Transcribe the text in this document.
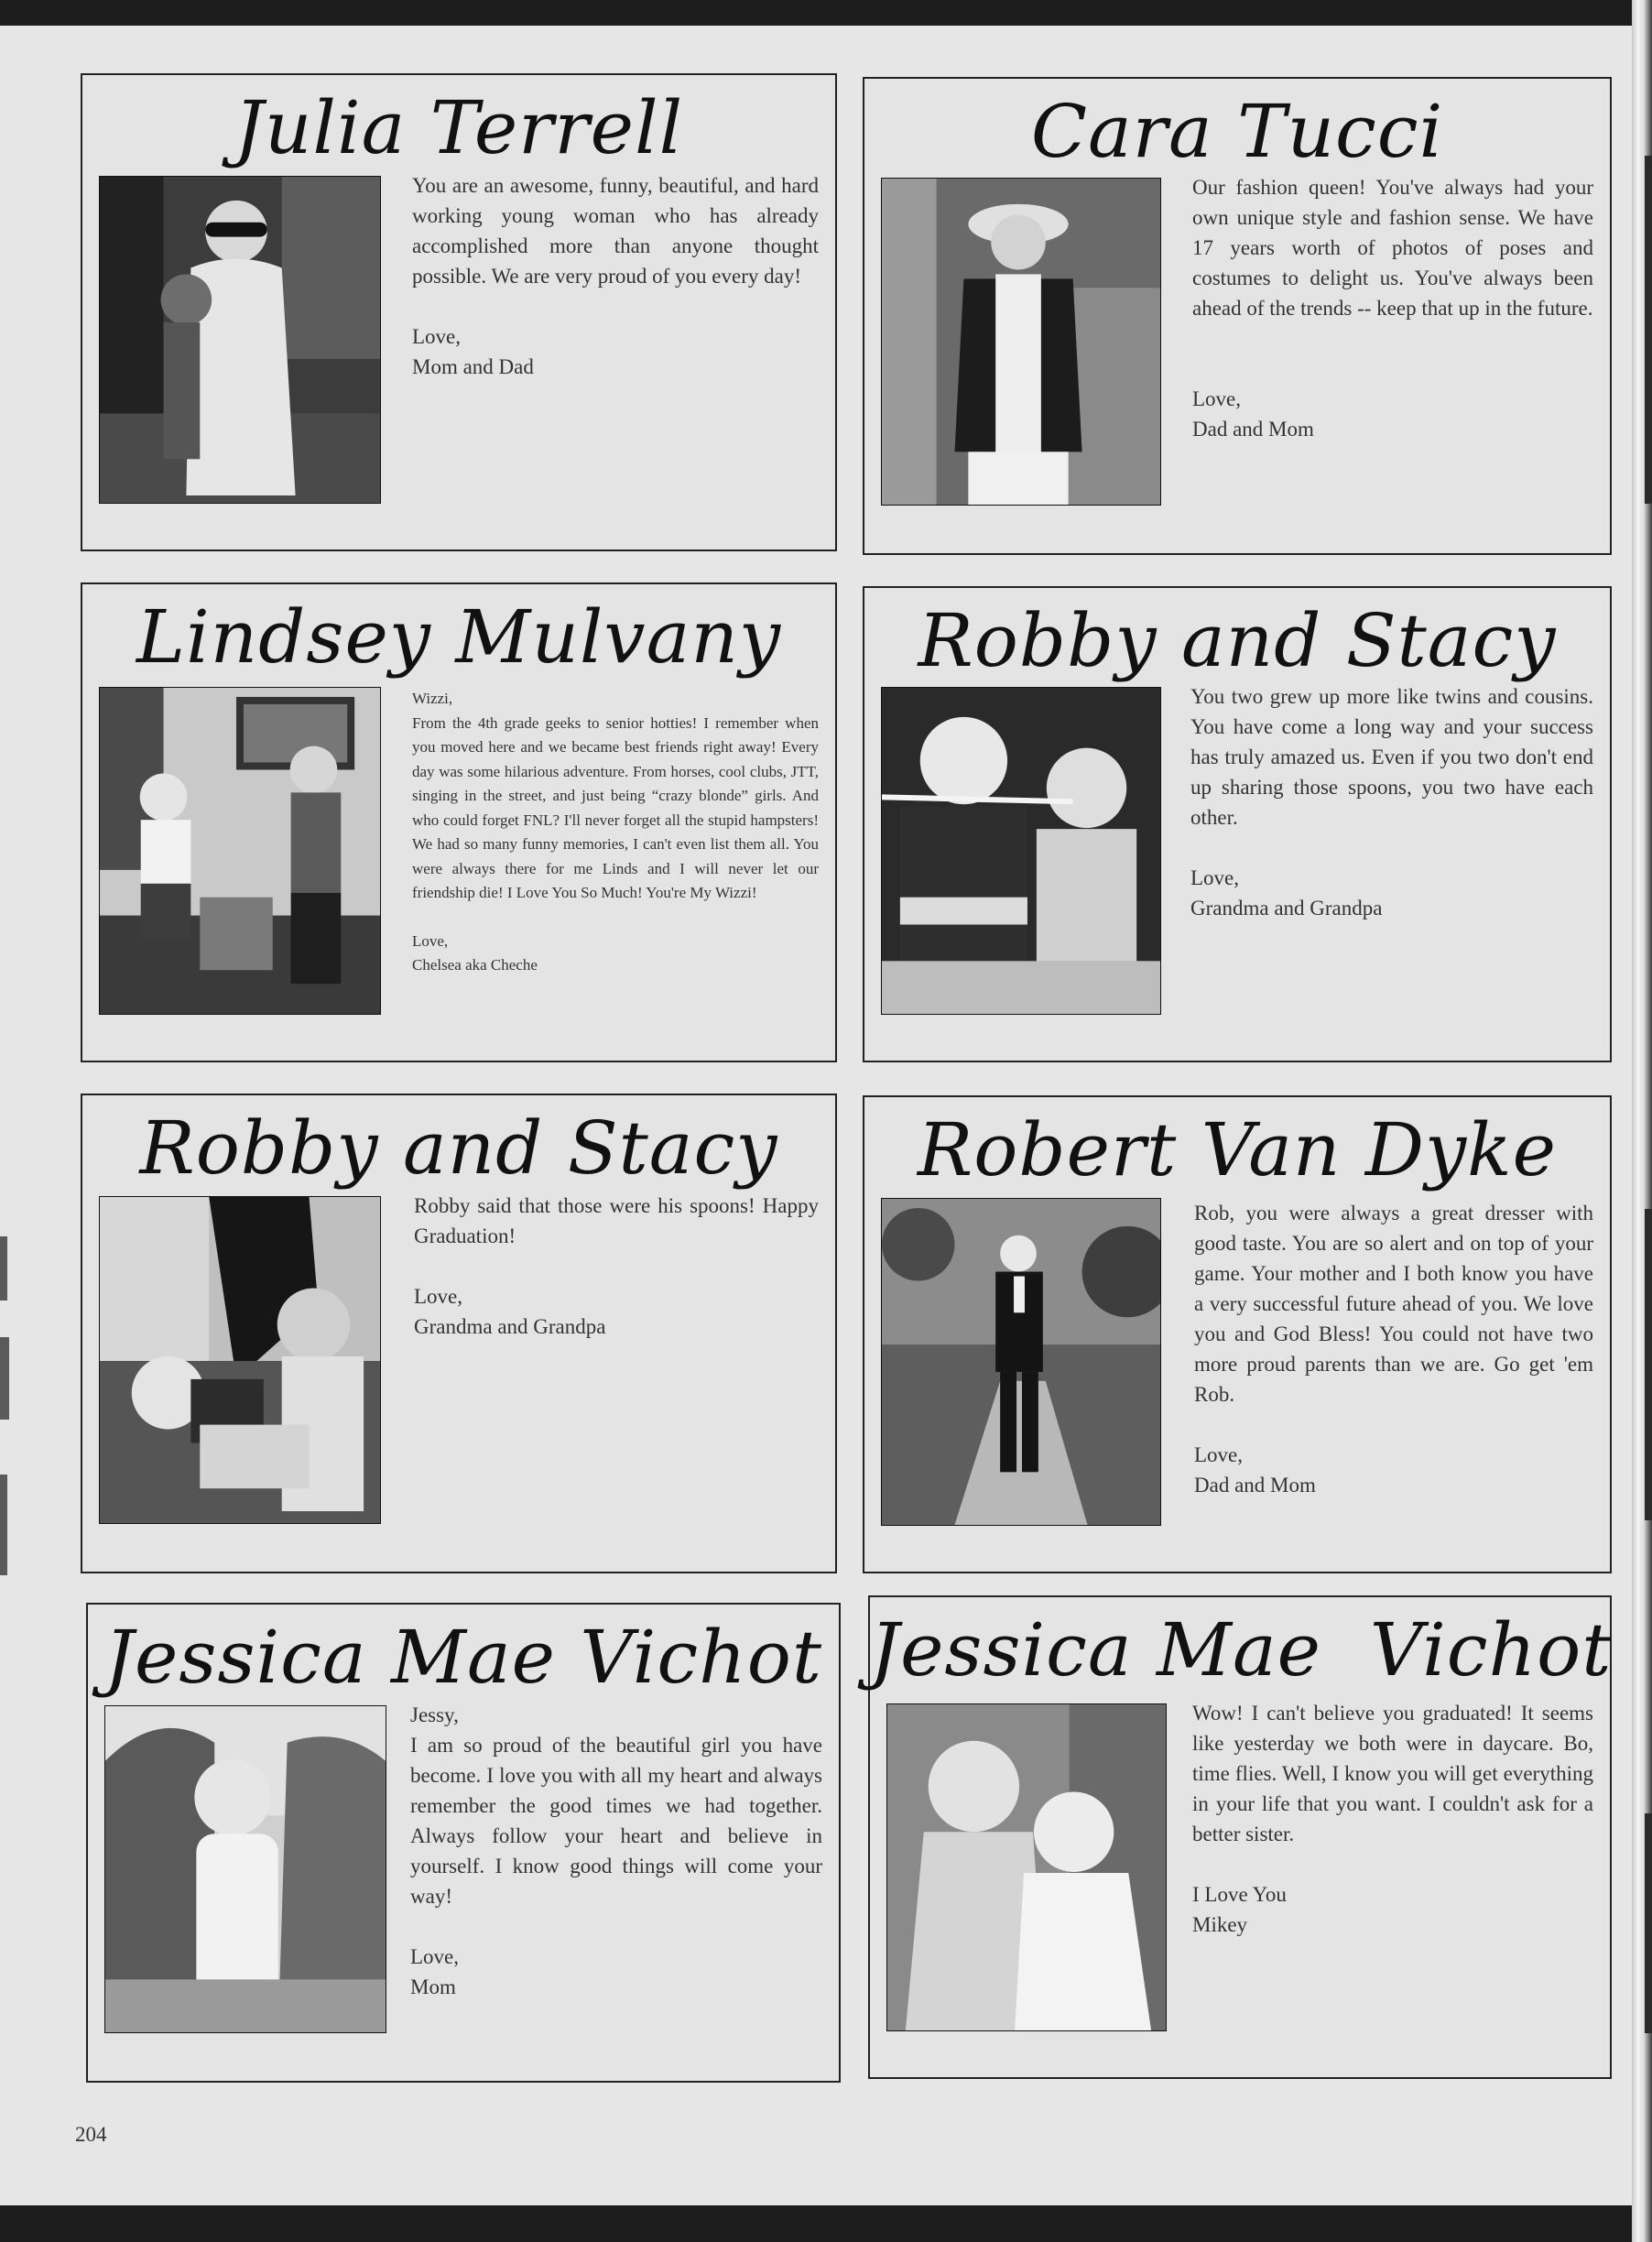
Julia Terrell

You are an awesome, funny, beautiful, and hard working young woman who has already accomplished more than anyone thought possible. We are very proud of you every day!

Love,

Mom and Dad

Cara Tucci

Our fashion queen! You've always had your own unique style and fashion sense. We have 17 years worth of photos of poses and costumes to delight us. You've always been ahead of the trends -- keep that up in the future.

Love,

Dad and Mom

Lindsey Mulvany

Wizzi,

From the 4th grade geeks to senior hotties! I remember when you moved here and we became best friends right away! Every day was some hilarious adventure. From horses, cool clubs, JTT, singing in the street, and just being “crazy blonde” girls. And who could forget FNL? I'll never forget all the stupid hampsters! We had so many funny memories, I can't even list them all. You were always there for me Linds and I will never let our friendship die! I Love You So Much! You're My Wizzi!

Love,

Chelsea aka Cheche

Robby and Stacy

You two grew up more like twins and cousins. You have come a long way and your success has truly amazed us. Even if you two don't end up sharing those spoons, you two have each other.

Love,

Grandma and Grandpa

Robby and Stacy

Robby said that those were his spoons! Happy Graduation!

Love,

Grandma and Grandpa

Robert Van Dyke

Rob, you were always a great dresser with good taste. You are so alert and on top of your game. Your mother and I both know you have a very successful future ahead of you. We love you and God Bless! You could not have two more proud parents than we are. Go get 'em Rob.

Love,

Dad and Mom

Jessica Mae Vichot

Jessy,

I am so proud of the beautiful girl you have become. I love you with all my heart and always remember the good times we had together. Always follow your heart and believe in yourself. I know good things will come your way!

Love,

Mom

Jessica Mae  Vichot

Wow! I can't believe you graduated! It seems like yesterday we both were in daycare. Bo, time flies. Well, I know you will get everything in your life that you want. I couldn't ask for a better sister.

I Love You

Mikey

204
